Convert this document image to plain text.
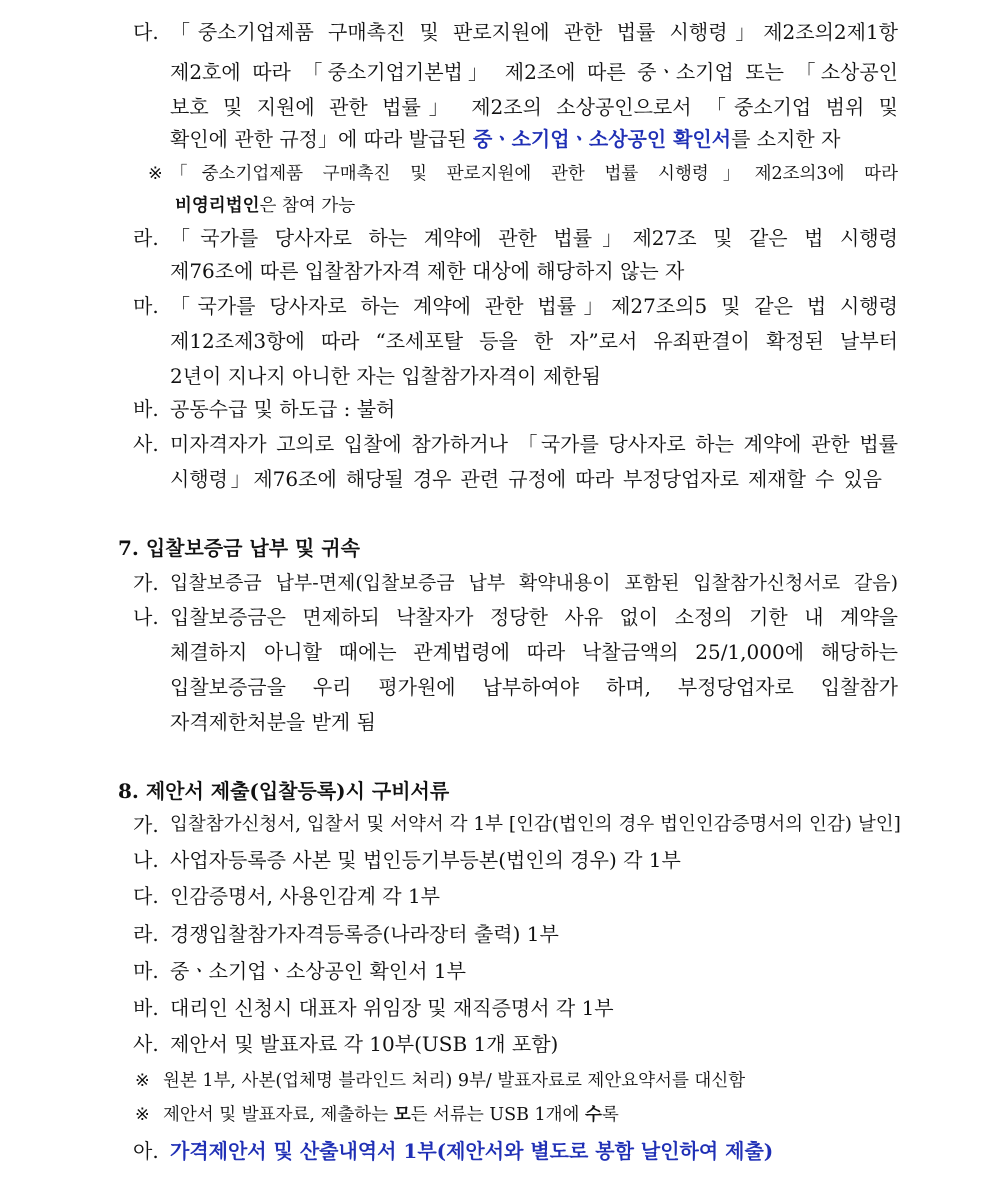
다. 「중소기업제품 구매촉진 및 판로지원에 관한 법률 시행령」제2조의2제1항
제2호에 따라 「중소기업기본법」 제2조에 따른 중ㆍ소기업 또는 「소상공인
보호 및 지원에 관한 법률」 제2조의 소상공인으로서 「중소기업 범위 및
확인에 관한 규정」에 따라 발급된 중ㆍ소기업ㆍ소상공인 확인서를 소지한 자
※ 「중소기업제품 구매촉진 및 판로지원에 관한 법률 시행령」제2조의3에 따라
비영리법인은 참여 가능
라. 「국가를 당사자로 하는 계약에 관한 법률」제27조 및 같은 법 시행령
제76조에 따른 입찰참가자격 제한 대상에 해당하지 않는 자
마. 「국가를 당사자로 하는 계약에 관한 법률」제27조의5 및 같은 법 시행령
제12조제3항에 따라 “조세포탈 등을 한 자”로서 유죄판결이 확정된 날부터
2년이 지나지 아니한 자는 입찰참가자격이 제한됨
바. 공동수급 및 하도급 : 불허
사. 미자격자가 고의로 입찰에 참가하거나 「국가를 당사자로 하는 계약에 관한 법률
시행령」제76조에 해당될 경우 관련 규정에 따라 부정당업자로 제재할 수 있음
7. 입찰보증금 납부 및 귀속
가. 입찰보증금 납부-면제(입찰보증금 납부 확약내용이 포함된 입찰참가신청서로 갈음)
나. 입찰보증금은 면제하되 낙찰자가 정당한 사유 없이 소정의 기한 내 계약을
체결하지 아니할 때에는 관계법령에 따라 낙찰금액의 25/1,000에 해당하는
입찰보증금을 우리 평가원에 납부하여야 하며, 부정당업자로 입찰참가
자격제한처분을 받게 됨
8. 제안서 제출(입찰등록)시 구비서류
가. 입찰참가신청서, 입찰서 및 서약서 각 1부 [인감(법인의 경우 법인인감증명서의 인감) 날인]
나. 사업자등록증 사본 및 법인등기부등본(법인의 경우) 각 1부
다. 인감증명서, 사용인감계 각 1부
라. 경쟁입찰참가자격등록증(나라장터 출력) 1부
마. 중ㆍ소기업ㆍ소상공인 확인서 1부
바. 대리인 신청시 대표자 위임장 및 재직증명서 각 1부
사. 제안서 및 발표자료 각 10부(USB 1개 포함)
※ 원본 1부, 사본(업체명 블라인드 처리) 9부/ 발표자료로 제안요약서를 대신함
※ 제안서 및 발표자료, 제출하는 모든 서류는 USB 1개에 수록
아. 가격제안서 및 산출내역서 1부(제안서와 별도로 봉함 날인하여 제출)
